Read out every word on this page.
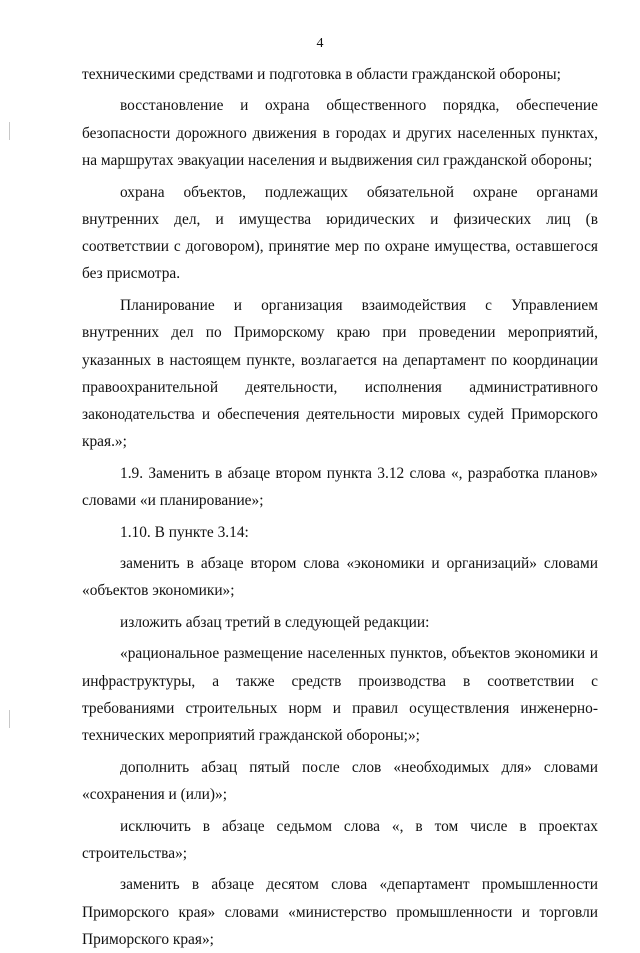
4

техническими средствами и подготовка в области гражданской обороны;

восстановление и охрана общественного порядка, обеспечение безопасности дорожного движения в городах и других населенных пунктах, на маршрутах эвакуации населения и выдвижения сил гражданской обороны;

охрана объектов, подлежащих обязательной охране органами внутренних дел, и имущества юридических и физических лиц (в соответствии с договором), принятие мер по охране имущества, оставшегося без присмотра.

Планирование и организация взаимодействия с Управлением внутренних дел по Приморскому краю при проведении мероприятий, указанных в настоящем пункте, возлагается на департамент по координации правоохранительной деятельности, исполнения административного законодательства и обеспечения деятельности мировых судей Приморского края.»;

1.9. Заменить в абзаце втором пункта 3.12 слова «, разработка планов» словами «и планирование»;

1.10. В пункте 3.14:

заменить в абзаце втором слова «экономики и организаций» словами «объектов экономики»;

изложить абзац третий в следующей редакции:

«рациональное размещение населенных пунктов, объектов экономики и инфраструктуры, а также средств производства в соответствии с требованиями строительных норм и правил осуществления инженерно-технических мероприятий гражданской обороны;»;

дополнить абзац пятый после слов «необходимых для» словами «сохранения и (или)»;

исключить в абзаце седьмом слова «, в том числе в проектах строительства»;

заменить в абзаце десятом слова «департамент промышленности Приморского края» словами «министерство промышленности и торговли Приморского края»;
